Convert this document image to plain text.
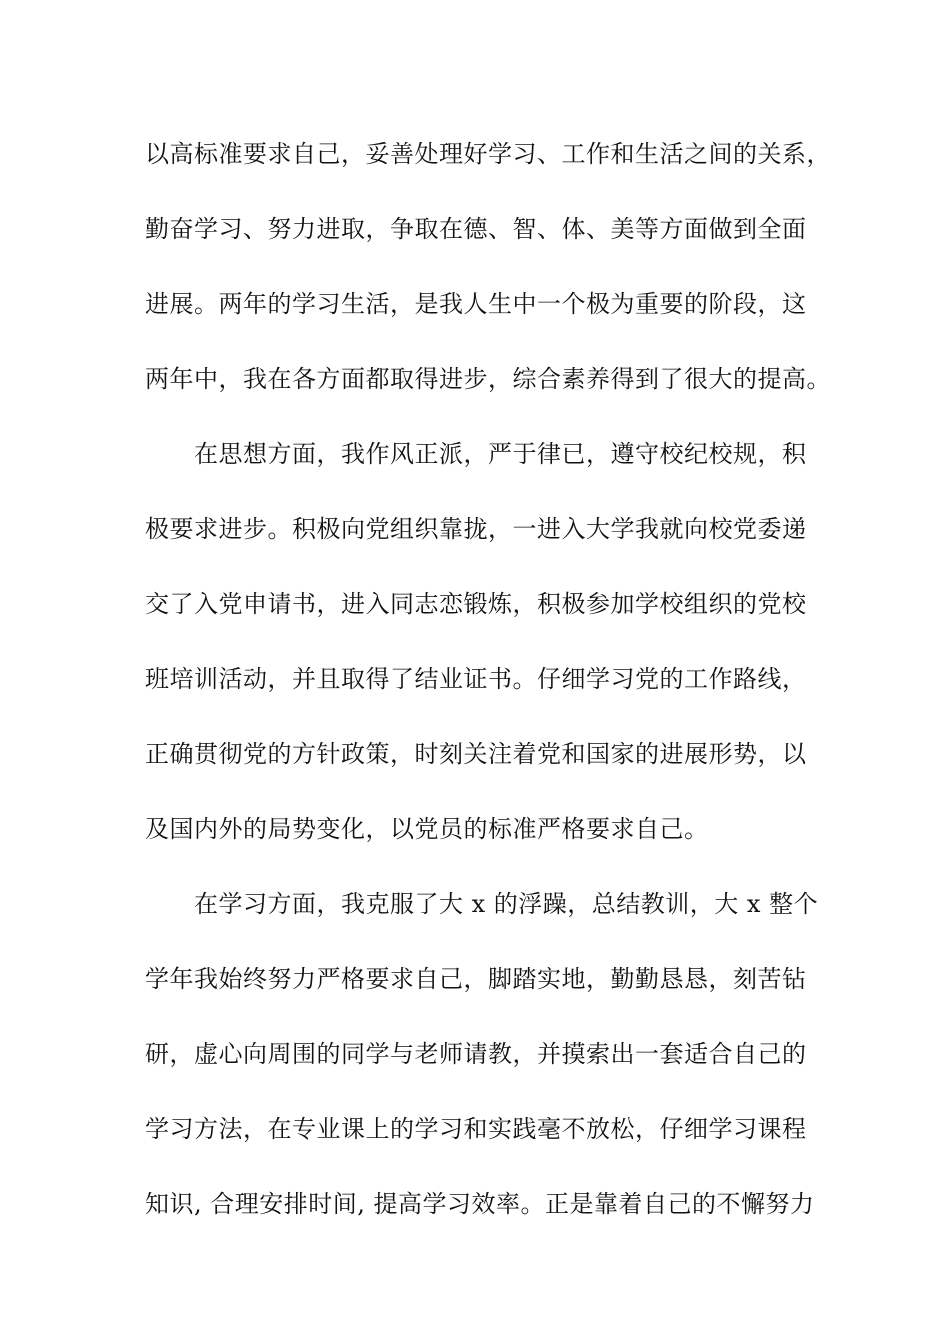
以高标准要求自己，妥善处理好学习、工作和生活之间的关系，
勤奋学习、努力进取，争取在德、智、体、美等方面做到全面
进展。两年的学习生活，是我人生中一个极为重要的阶段，这
两年中，我在各方面都取得进步，综合素养得到了很大的提高。
　　在思想方面，我作风正派，严于律已，遵守校纪校规，积
极要求进步。积极向党组织靠拢，一进入大学我就向校党委递
交了入党申请书，进入同志恋锻炼，积极参加学校组织的党校
班培训活动，并且取得了结业证书。仔细学习党的工作路线，
正确贯彻党的方针政策，时刻关注着党和国家的进展形势，以
及国内外的局势变化，以党员的标准严格要求自己。
　　在学习方面，我克服了大 x 的浮躁，总结教训，大 x 整个
学年我始终努力严格要求自己，脚踏实地，勤勤恳恳，刻苦钻
研，虚心向周围的同学与老师请教，并摸索出一套适合自己的
学习方法，在专业课上的学习和实践毫不放松，仔细学习课程
知识, 合理安排时间, 提高学习效率。正是靠着自己的不懈努力
